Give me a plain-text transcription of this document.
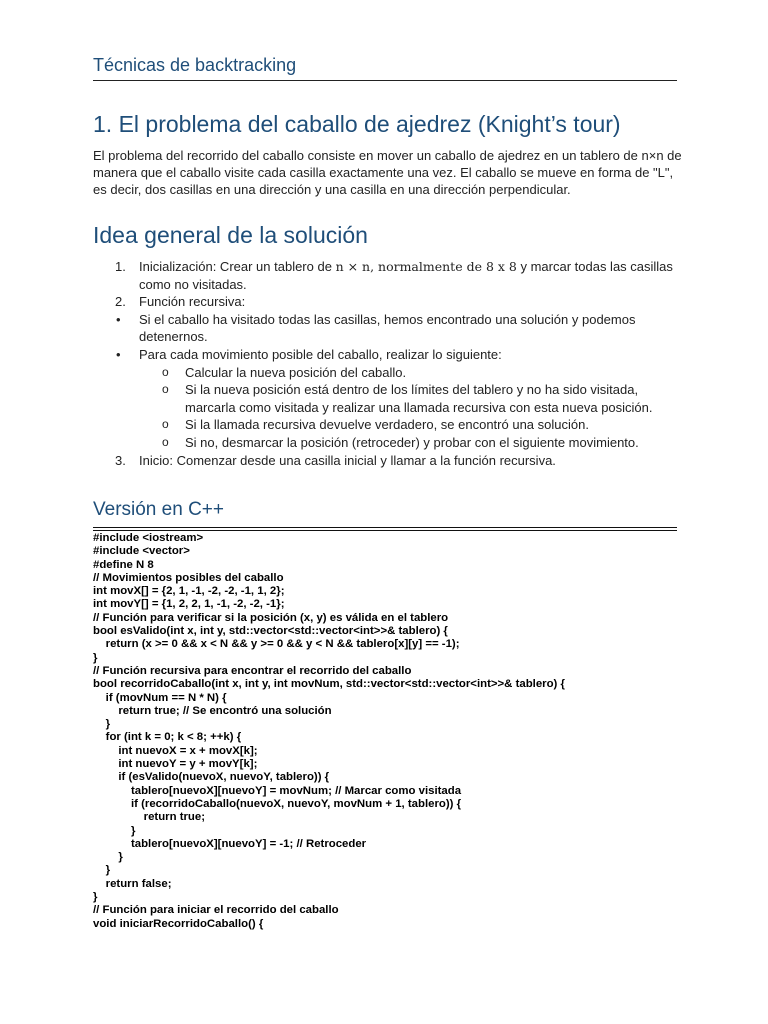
Técnicas de backtracking
1. El problema del caballo de ajedrez (Knight’s tour)

El problema del recorrido del caballo consiste en mover un caballo de ajedrez en un tablero de n×n de manera que el caballo visite cada casilla exactamente una vez. El caballo se mueve en forma de "L", es decir, dos casillas en una dirección y una casilla en una dirección perpendicular.

Idea general de la solución
1. Inicialización: Crear un tablero de n × n, normalmente de 8 x 8 y marcar todas las casillas como no visitadas.
2. Función recursiva:
• Si el caballo ha visitado todas las casillas, hemos encontrado una solución y podemos detenernos.
• Para cada movimiento posible del caballo, realizar lo siguiente:
o Calcular la nueva posición del caballo.
o Si la nueva posición está dentro de los límites del tablero y no ha sido visitada, marcarla como visitada y realizar una llamada recursiva con esta nueva posición.
o Si la llamada recursiva devuelve verdadero, se encontró una solución.
o Si no, desmarcar la posición (retroceder) y probar con el siguiente movimiento.
3. Inicio: Comenzar desde una casilla inicial y llamar a la función recursiva.
Versión en C++
#include <iostream>
#include <vector>
#define N 8
// Movimientos posibles del caballo
int movX[] = {2, 1, -1, -2, -2, -1, 1, 2};
int movY[] = {1, 2, 2, 1, -1, -2, -2, -1};
// Función para verificar si la posición (x, y) es válida en el tablero
bool esValido(int x, int y, std::vector<std::vector<int>>& tablero) {
return (x >= 0 && x < N && y >= 0 && y < N && tablero[x][y] == -1);
}
// Función recursiva para encontrar el recorrido del caballo
bool recorridoCaballo(int x, int y, int movNum, std::vector<std::vector<int>>& tablero) {
if (movNum == N * N) {
return true; // Se encontró una solución
}
for (int k = 0; k < 8; ++k) {
int nuevoX = x + movX[k];
int nuevoY = y + movY[k];
if (esValido(nuevoX, nuevoY, tablero)) {
tablero[nuevoX][nuevoY] = movNum; // Marcar como visitada
if (recorridoCaballo(nuevoX, nuevoY, movNum + 1, tablero)) {
return true;
}
tablero[nuevoX][nuevoY] = -1; // Retroceder
}
}
return false;
}
// Función para iniciar el recorrido del caballo
void iniciarRecorridoCaballo() {
